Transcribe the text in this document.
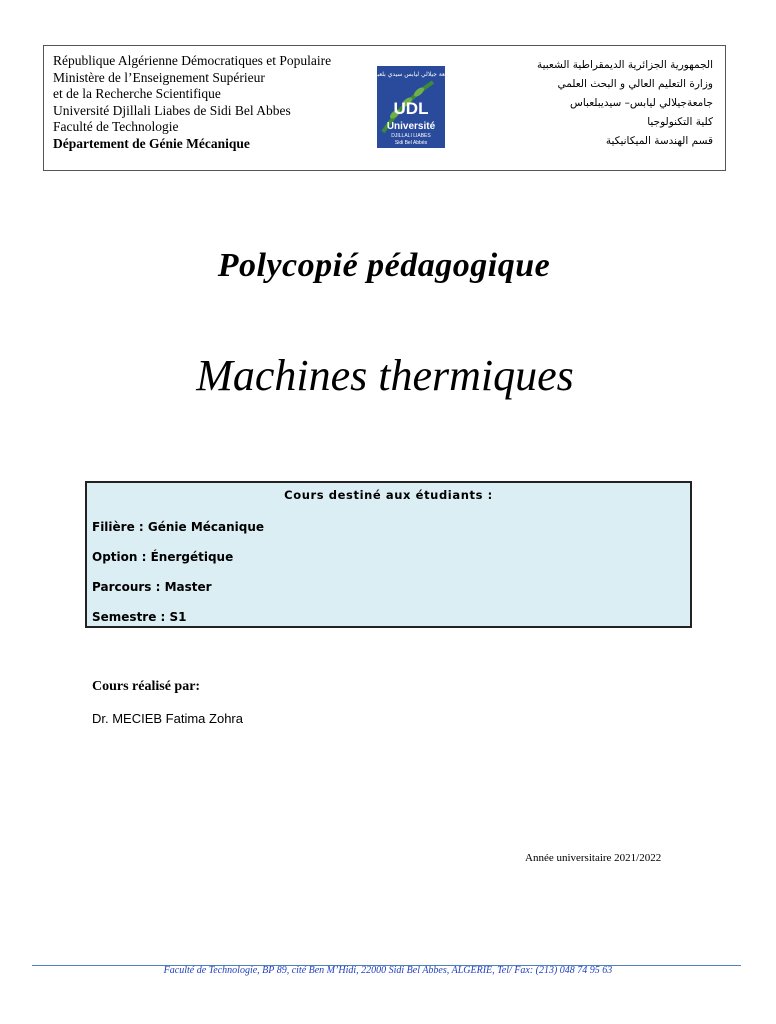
République Algérienne Démocratiques et Populaire
Ministère de l’Enseignement Supérieur
et de la Recherche Scientifique
Université Djillali Liabes de Sidi Bel Abbes
Faculté de Technologie
Département de Génie Mécanique
جامعة جيلالي ليابس سيدي بلعباس
UDL
Université
DJILLALI LIABES
Sidi Bel Abbès
الجمهورية الجزائرية الديمقراطية الشعبية
وزارة التعليم العالي و البحث العلمي
جامعةجيلالي ليابس– سيديبلعباس
كلية التكنولوجيا
قسم الهندسة الميكانيكية
Polycopié pédagogique
Machines thermiques
Cours destiné aux étudiants :
Filière : Génie Mécanique
Option : Énergétique
Parcours : Master
Semestre : S1
Cours réalisé par:
Dr. MECIEB Fatima Zohra
Année universitaire 2021/2022
Faculté de Technologie, BP 89, cité Ben M’Hidi, 22000 Sidi Bel Abbes, ALGERIE, Tel/ Fax: (213) 048 74 95 63
